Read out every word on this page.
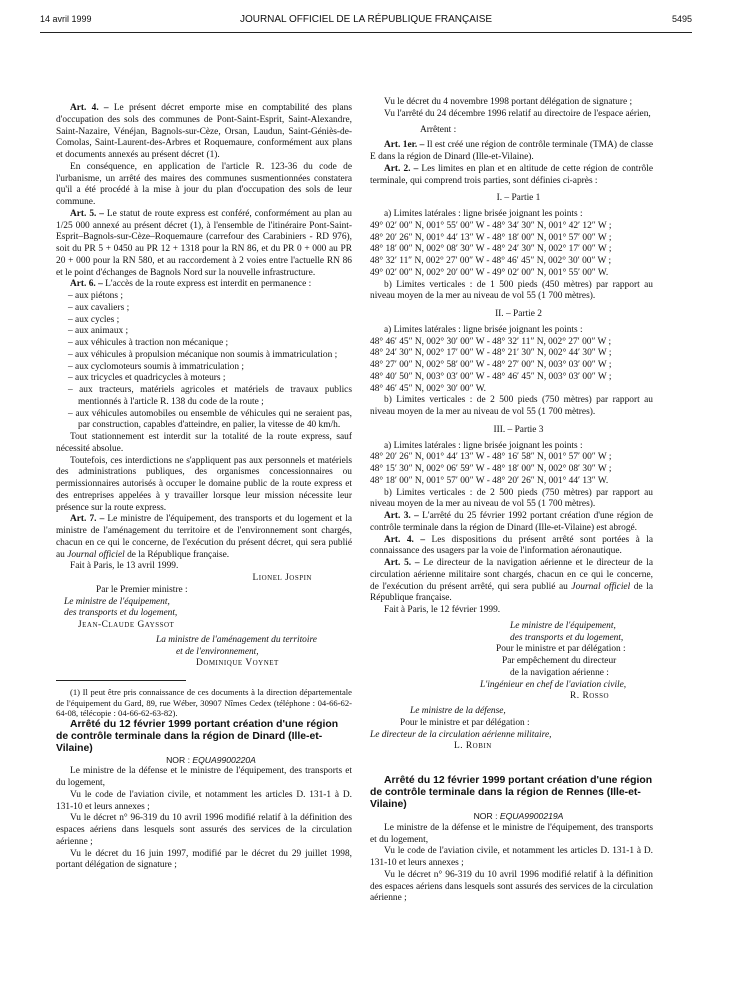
14 avril 1999	JOURNAL OFFICIEL DE LA RÉPUBLIQUE FRANÇAISE	5495

Art. 4. – Le présent décret emporte mise en comptabilité des plans d'occupation des sols des communes de Pont-Saint-Esprit, Saint-Alexandre, Saint-Nazaire, Vénéjan, Bagnols-sur-Cèze, Orsan, Laudun, Saint-Géniès-de-Comolas, Saint-Laurent-des-Arbres et Roquemaure, conformément aux plans et documents annexés au présent décret (1).

En conséquence, en application de l'article R. 123-36 du code de l'urbanisme, un arrêté des maires des communes susmentionnées constatera qu'il a été procédé à la mise à jour du plan d'occupation des sols de leur commune.

Art. 5. – Le statut de route express est conféré, conformément au plan au 1/25 000 annexé au présent décret (1), à l'ensemble de l'itinéraire Pont-Saint-Esprit–Bagnols-sur-Cèze–Roquemaure (carrefour des Carabiniers - RD 976), soit du PR 5 + 0450 au PR 12 + 1318 pour la RN 86, et du PR 0 + 000 au PR 20 + 000 pour la RN 580, et au raccordement à 2 voies entre l'actuelle RN 86 et le point d'échanges de Bagnols Nord sur la nouvelle infrastructure.

Art. 6. – L'accès de la route express est interdit en permanence :

– aux piétons ;
– aux cavaliers ;
– aux cycles ;
– aux animaux ;
– aux véhicules à traction non mécanique ;
– aux véhicules à propulsion mécanique non soumis à immatriculation ;
– aux cyclomoteurs soumis à immatriculation ;
– aux tricycles et quadricycles à moteurs ;
– aux tracteurs, matériels agricoles et matériels de travaux publics mentionnés à l'article R. 138 du code de la route ;
– aux véhicules automobiles ou ensemble de véhicules qui ne seraient pas, par construction, capables d'atteindre, en palier, la vitesse de 40 km/h.

Tout stationnement est interdit sur la totalité de la route express, sauf nécessité absolue.

Toutefois, ces interdictions ne s'appliquent pas aux personnels et matériels des administrations publiques, des organismes concessionnaires ou permissionnaires autorisés à occuper le domaine public de la route express et des entreprises appelées à y travailler lorsque leur mission nécessite leur présence sur la route express.

Art. 7. – Le ministre de l'équipement, des transports et du logement et la ministre de l'aménagement du territoire et de l'environnement sont chargés, chacun en ce qui le concerne, de l'exécution du présent décret, qui sera publié au Journal officiel de la République française.

Fait à Paris, le 13 avril 1999.

Lionel Jospin

Par le Premier ministre :

Le ministre de l'équipement,

des transports et du logement,

Jean-Claude Gayssot

La ministre de l'aménagement du territoire

et de l'environnement,

Dominique Voynet

(1) Il peut être pris connaissance de ces documents à la direction départementale de l'équipement du Gard, 89, rue Wéber, 30907 Nîmes Cedex (téléphone : 04-66-62-64-08, télécopie : 04-66-62-63-82).

Arrêté du 12 février 1999 portant création d'une région de contrôle terminale dans la région de Dinard (Ille-et-Vilaine)

NOR : EQUA9900220A

Le ministre de la défense et le ministre de l'équipement, des transports et du logement,

Vu le code de l'aviation civile, et notamment les articles D. 131-1 à D. 131-10 et leurs annexes ;

Vu le décret n° 96-319 du 10 avril 1996 modifié relatif à la définition des espaces aériens dans lesquels sont assurés des services de la circulation aérienne ;

Vu le décret du 16 juin 1997, modifié par le décret du 29 juillet 1998, portant délégation de signature ;

Vu le décret du 4 novembre 1998 portant délégation de signature ;

Vu l'arrêté du 24 décembre 1996 relatif au directoire de l'espace aérien,

Arrêtent :

Art. 1er. – Il est créé une région de contrôle terminale (TMA) de classe E dans la région de Dinard (Ille-et-Vilaine).

Art. 2. – Les limites en plan et en altitude de cette région de contrôle terminale, qui comprend trois parties, sont définies ci-après :

I. – Partie 1

a) Limites latérales : ligne brisée joignant les points :

49° 02′ 00″ N, 001° 55′ 00″ W - 48° 34′ 30″ N, 001° 42′ 12″ W ;

48° 20′ 26″ N, 001° 44′ 13″ W - 48° 18′ 00″ N, 001° 57′ 00″ W ;

48° 18′ 00″ N, 002° 08′ 30″ W - 48° 24′ 30″ N, 002° 17′ 00″ W ;

48° 32′ 11″ N, 002° 27′ 00″ W - 48° 46′ 45″ N, 002° 30′ 00″ W ;

49° 02′ 00″ N, 002° 20′ 00″ W - 49° 02′ 00″ N, 001° 55′ 00″ W.

b) Limites verticales : de 1 500 pieds (450 mètres) par rapport au niveau moyen de la mer au niveau de vol 55 (1 700 mètres).

II. – Partie 2

a) Limites latérales : ligne brisée joignant les points :

48° 46′ 45″ N, 002° 30′ 00″ W - 48° 32′ 11″ N, 002° 27′ 00″ W ;

48° 24′ 30″ N, 002° 17′ 00″ W - 48° 21′ 30″ N, 002° 44′ 30″ W ;

48° 27′ 00″ N, 002° 58′ 00″ W - 48° 27′ 00″ N, 003° 03′ 00″ W ;

48° 40′ 50″ N, 003° 03′ 00″ W - 48° 46′ 45″ N, 003° 03′ 00″ W ;

48° 46′ 45″ N, 002° 30′ 00″ W.

b) Limites verticales : de 2 500 pieds (750 mètres) par rapport au niveau moyen de la mer au niveau de vol 55 (1 700 mètres).

III. – Partie 3

a) Limites latérales : ligne brisée joignant les points :

48° 20′ 26″ N, 001° 44′ 13″ W - 48° 16′ 58″ N, 001° 57′ 00″ W ;

48° 15′ 30″ N, 002° 06′ 59″ W - 48° 18′ 00″ N, 002° 08′ 30″ W ;

48° 18′ 00″ N, 001° 57′ 00″ W - 48° 20′ 26″ N, 001° 44′ 13″ W.

b) Limites verticales : de 2 500 pieds (750 mètres) par rapport au niveau moyen de la mer au niveau de vol 55 (1 700 mètres).

Art. 3. – L'arrêté du 25 février 1992 portant création d'une région de contrôle terminale dans la région de Dinard (Ille-et-Vilaine) est abrogé.

Art. 4. – Les dispositions du présent arrêté sont portées à la connaissance des usagers par la voie de l'information aéronautique.

Art. 5. – Le directeur de la navigation aérienne et le directeur de la circulation aérienne militaire sont chargés, chacun en ce qui le concerne, de l'exécution du présent arrêté, qui sera publié au Journal officiel de la République française.

Fait à Paris, le 12 février 1999.

Le ministre de l'équipement,

des transports et du logement,

Pour le ministre et par délégation :

Par empêchement du directeur

de la navigation aérienne :

L'ingénieur en chef de l'aviation civile,

R. Rosso

Le ministre de la défense,

Pour le ministre et par délégation :

Le directeur de la circulation aérienne militaire,

L. Robin

Arrêté du 12 février 1999 portant création d'une région de contrôle terminale dans la région de Rennes (Ille-et-Vilaine)

NOR : EQUA9900219A

Le ministre de la défense et le ministre de l'équipement, des transports et du logement,

Vu le code de l'aviation civile, et notamment les articles D. 131-1 à D. 131-10 et leurs annexes ;

Vu le décret n° 96-319 du 10 avril 1996 modifié relatif à la définition des espaces aériens dans lesquels sont assurés des services de la circulation aérienne ;
